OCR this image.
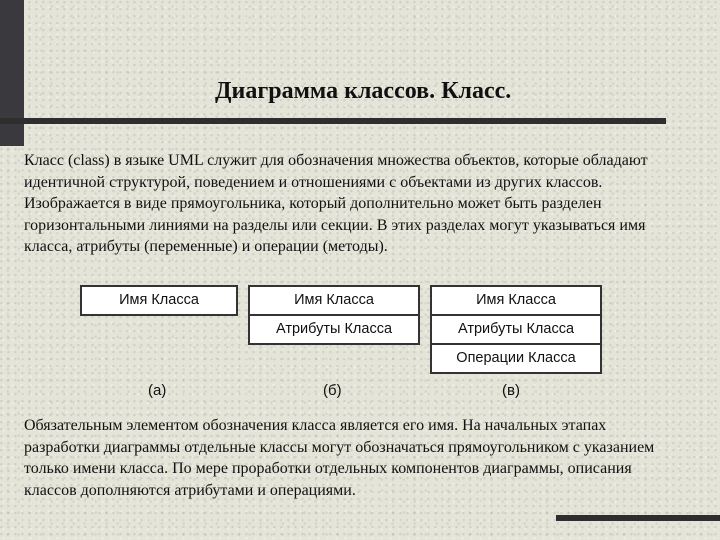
Диаграмма классов. Класс.
Класс (class) в языке UML служит для обозначения множества объектов, которые обладают идентичной структурой, поведением и отношениями с объектами из других классов. Изображается в виде прямоугольника, который дополнительно может быть разделен горизонтальными линиями на разделы или секции. В этих разделах могут указываться имя класса, атрибуты (переменные) и операции (методы).
Имя Класса	Имя Класса
Атрибуты Класса
Имя Класса
Атрибуты Класса
Операции Класса
(а)	(б)	(в)
Обязательным элементом обозначения класса является его имя. На начальных этапах разработки диаграммы отдельные классы могут обозначаться прямоугольником с указанием только имени класса. По мере проработки отдельных компонентов диаграммы, описания классов дополняются атрибутами и операциями.
